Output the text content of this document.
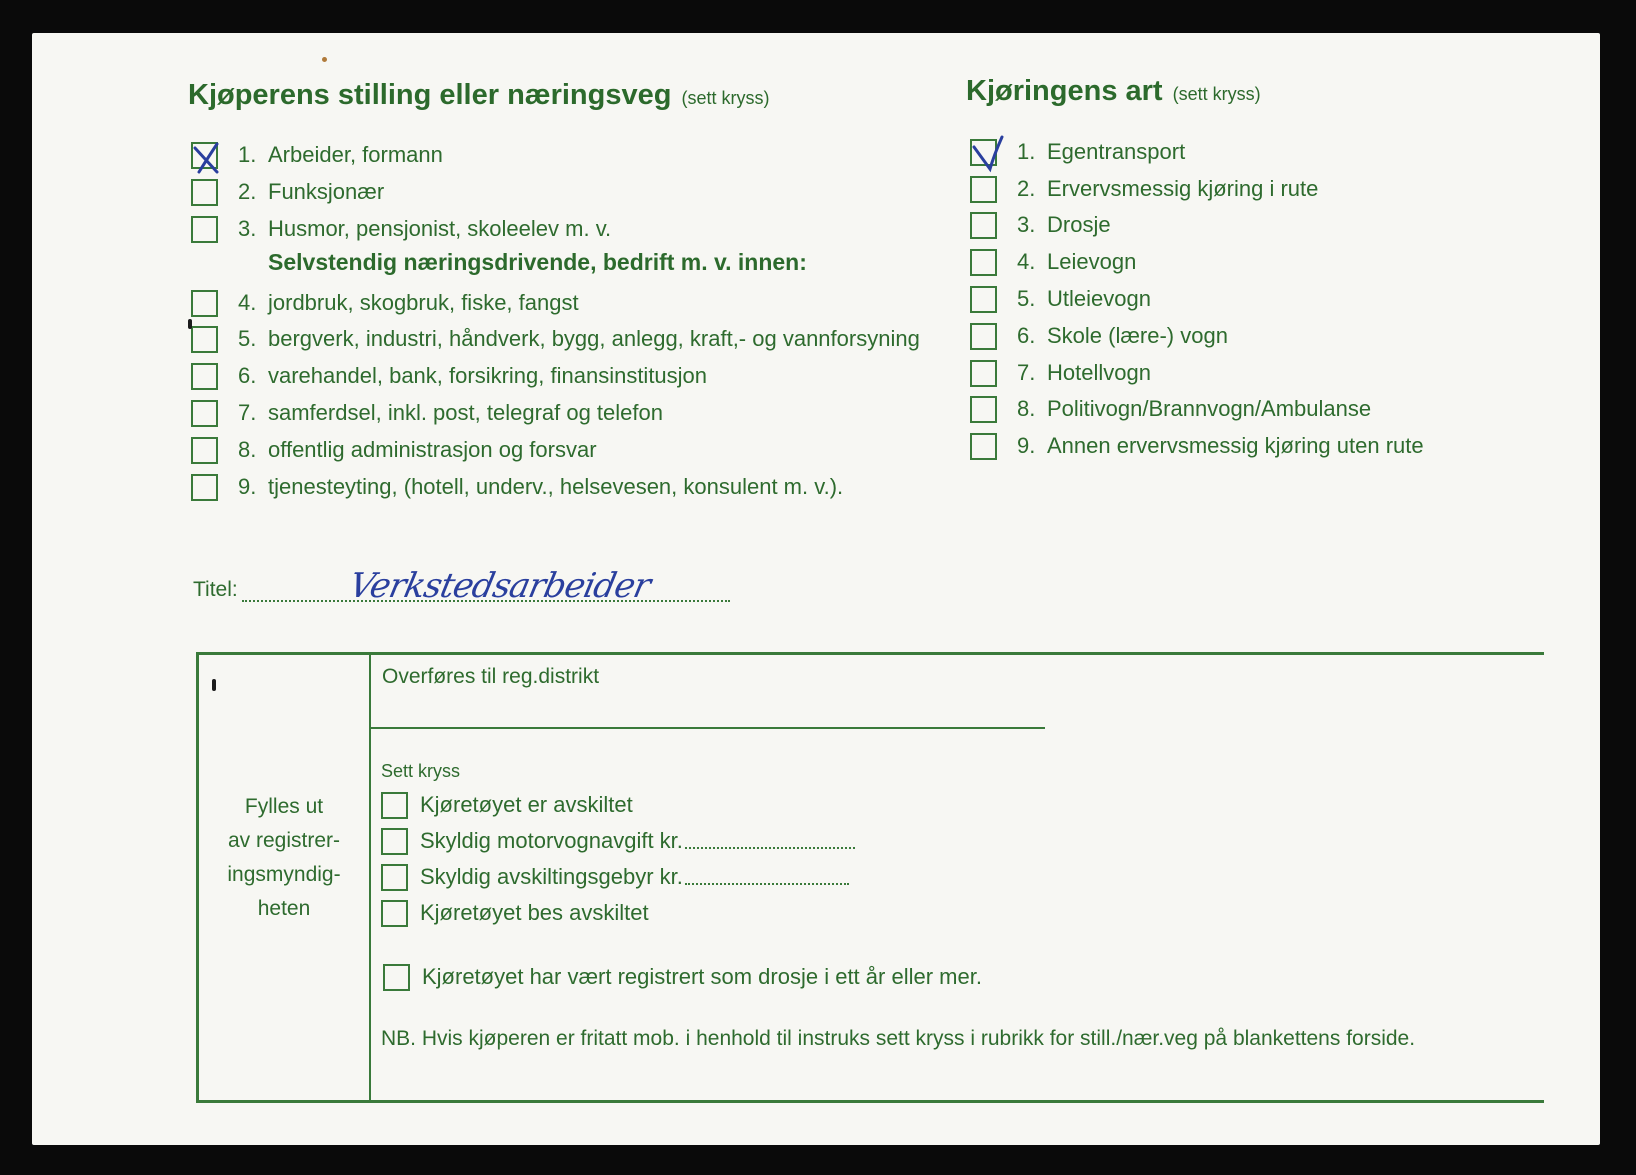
Kjøperens stilling eller næringsveg (sett kryss)	Kjøringens art (sett kryss)
1. Arbeider, formann
2. Funksjonær
3. Husmor, pensjonist, skoleelev m. v.
4. jordbruk, skogbruk, fiske, fangst
5. bergverk, industri, håndverk, bygg, anlegg, kraft,- og vannforsyning
6. varehandel, bank, forsikring, finansinstitusjon
7. samferdsel, inkl. post, telegraf og telefon
8. offentlig administrasjon og forsvar
9. tjenesteyting, (hotell, underv., helsevesen, konsulent m. v.).
Selvstendig næringsdrivende, bedrift m. v. innen:
1. Egentransport
2. Ervervsmessig kjøring i rute
3. Drosje
4. Leievogn
5. Utleievogn
6. Skole (lære-) vogn
7. Hotellvogn
8. Politivogn/Brannvogn/Ambulanse
9. Annen ervervsmessig kjøring uten rute
Titel:	Verkstedsarbeider
Fylles ut
av registrer-
ingsmyndig-
heten
Overføres til reg.distrikt
Sett kryss
Kjøretøyet er avskiltet
Skyldig motorvognavgift kr.
Skyldig avskiltingsgebyr kr.
Kjøretøyet bes avskiltet
Kjøretøyet har vært registrert som drosje i ett år eller mer.
NB. Hvis kjøperen er fritatt mob. i henhold til instruks sett kryss i rubrikk for still./nær.veg på blankettens forside.
